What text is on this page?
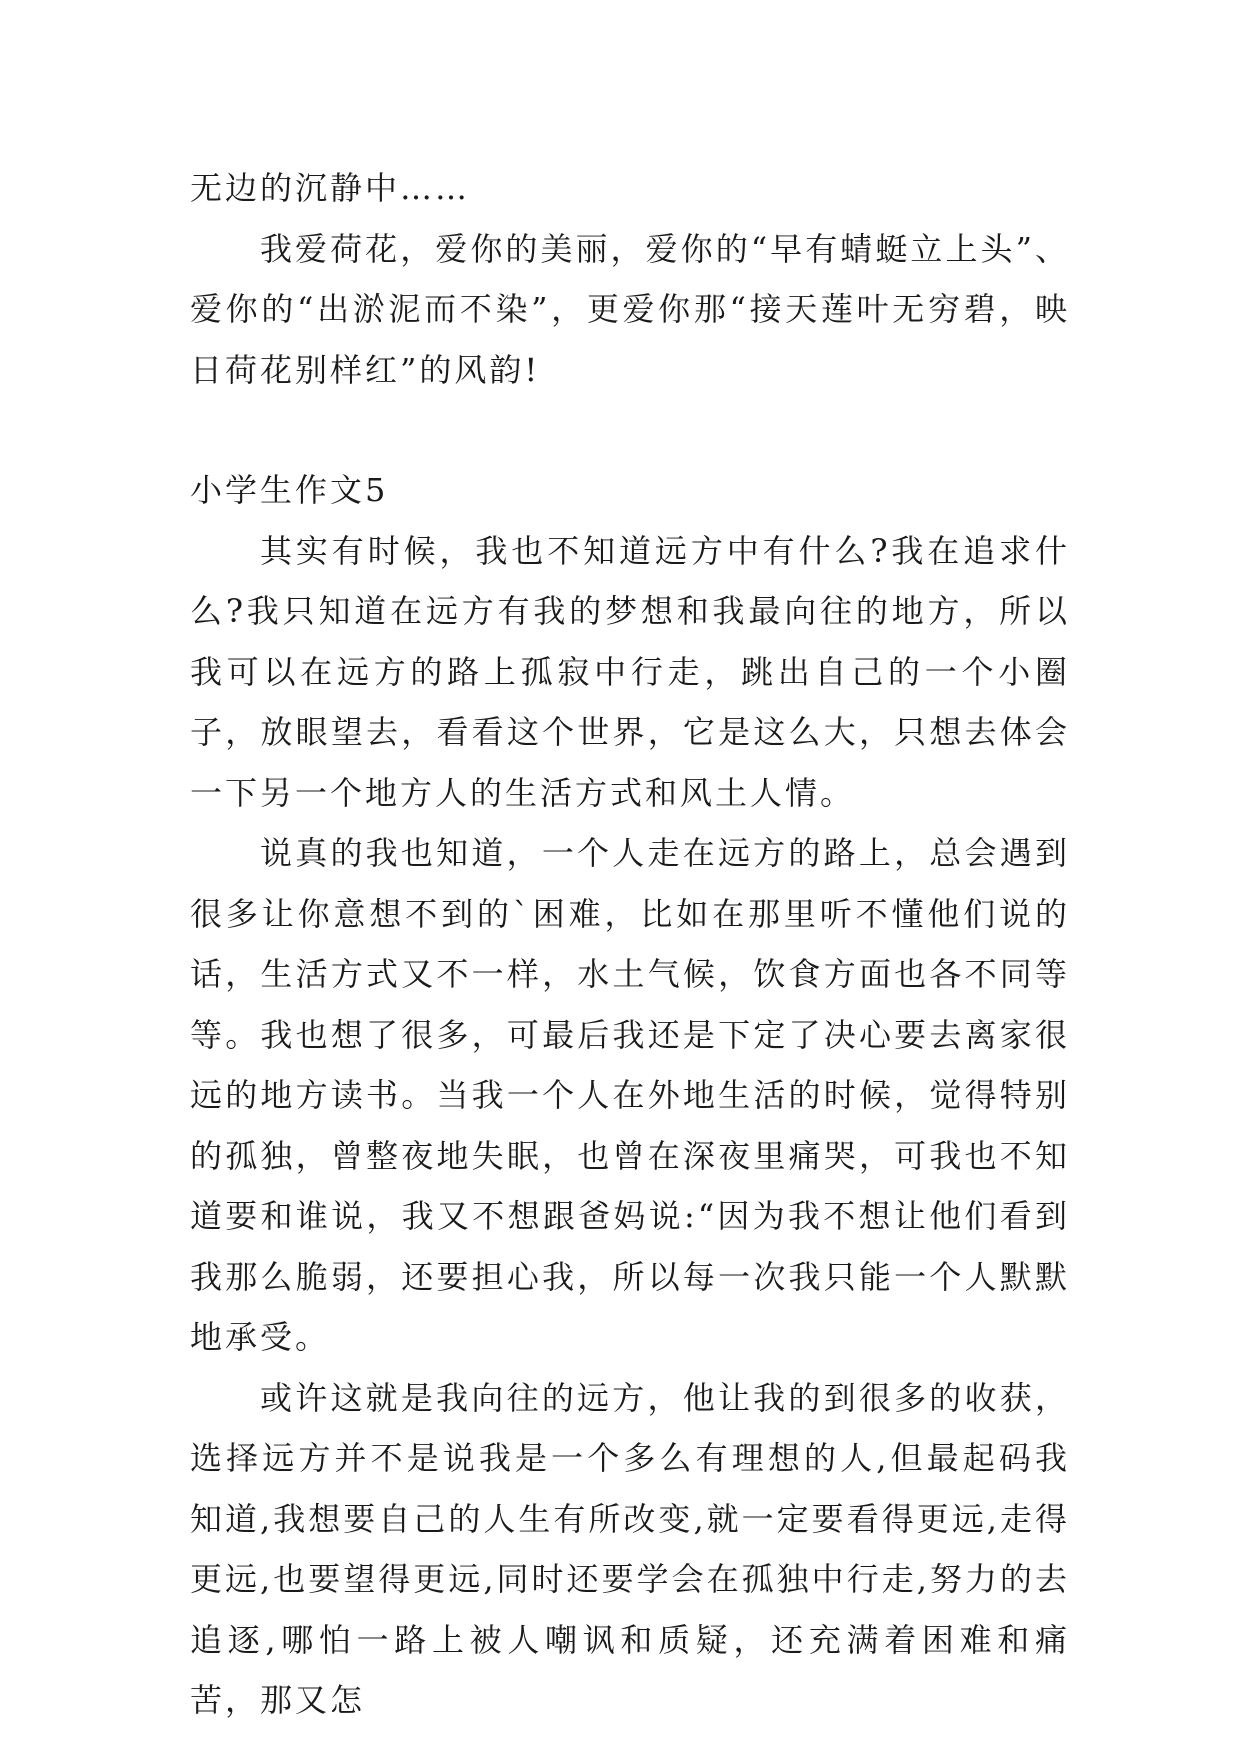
无边的沉静中……

我爱荷花，爱你的美丽，爱你的“早有蜻蜓立上头”、爱你的“出淤泥而不染”，更爱你那“接天莲叶无穷碧，映日荷花别样红”的风韵!

小学生作文5

其实有时候，我也不知道远方中有什么?我在追求什么?我只知道在远方有我的梦想和我最向往的地方，所以我可以在远方的路上孤寂中行走，跳出自己的一个小圈子，放眼望去，看看这个世界，它是这么大，只想去体会一下另一个地方人的生活方式和风土人情。

说真的我也知道，一个人走在远方的路上，总会遇到很多让你意想不到的`困难，比如在那里听不懂他们说的话，生活方式又不一样，水土气候，饮食方面也各不同等等。我也想了很多，可最后我还是下定了决心要去离家很远的地方读书。当我一个人在外地生活的时候，觉得特别的孤独，曾整夜地失眠，也曾在深夜里痛哭，可我也不知道要和谁说，我又不想跟爸妈说:“因为我不想让他们看到我那么脆弱，还要担心我，所以每一次我只能一个人默默地承受。

或许这就是我向往的远方，他让我的到很多的收获，选择远方并不是说我是一个多么有理想的人,但最起码我知道,我想要自己的人生有所改变,就一定要看得更远,走得更远,也要望得更远,同时还要学会在孤独中行走,努力的去追逐,哪怕一路上被人嘲讽和质疑，还充满着困难和痛苦，那又怎
